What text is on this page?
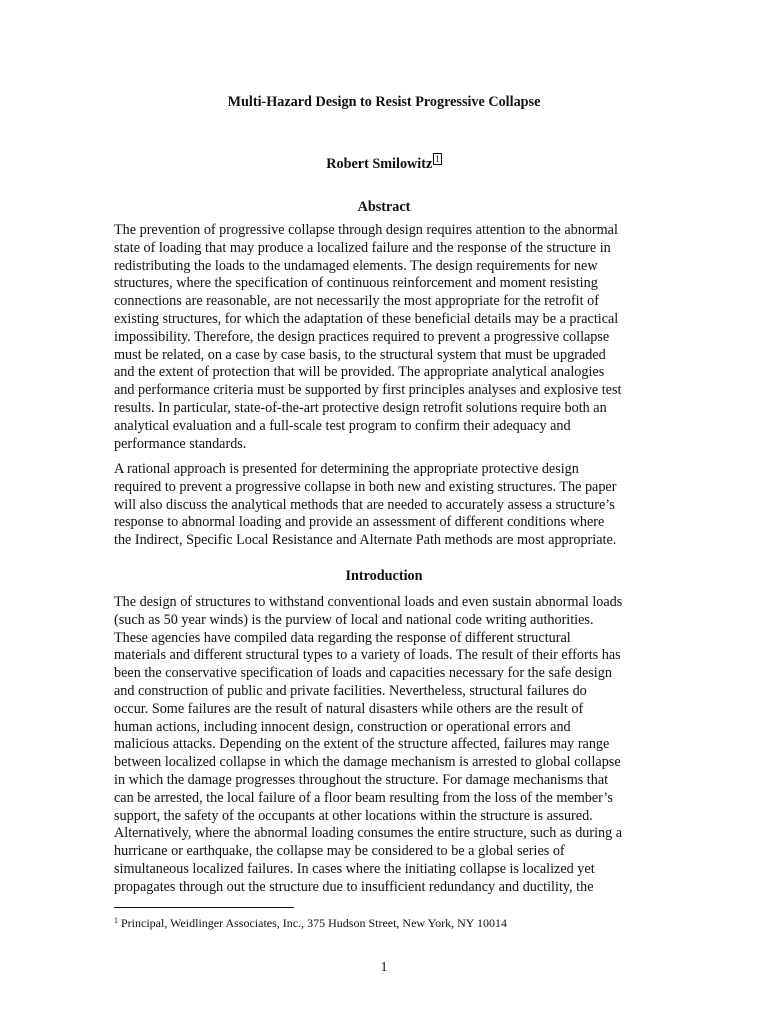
Multi-Hazard Design to Resist Progressive Collapse
Robert Smilowitz 1
Abstract
The prevention of progressive collapse through design requires attention to the abnormal
state of loading that may produce a localized failure and the response of the structure in
redistributing the loads to the undamaged elements. The design requirements for new
structures, where the specification of continuous reinforcement and moment resisting
connections are reasonable, are not necessarily the most appropriate for the retrofit of
existing structures, for which the adaptation of these beneficial details may be a practical
impossibility. Therefore, the design practices required to prevent a progressive collapse
must be related, on a case by case basis, to the structural system that must be upgraded
and the extent of protection that will be provided. The appropriate analytical analogies
and performance criteria must be supported by first principles analyses and explosive test
results. In particular, state-of-the-art protective design retrofit solutions require both an
analytical evaluation and a full-scale test program to confirm their adequacy and
performance standards.
A rational approach is presented for determining the appropriate protective design
required to prevent a progressive collapse in both new and existing structures. The paper
will also discuss the analytical methods that are needed to accurately assess a structure’s
response to abnormal loading and provide an assessment of different conditions where
the Indirect, Specific Local Resistance and Alternate Path methods are most appropriate.
Introduction
The design of structures to withstand conventional loads and even sustain abnormal loads
(such as 50 year winds) is the purview of local and national code writing authorities.
These agencies have compiled data regarding the response of different structural
materials and different structural types to a variety of loads. The result of their efforts has
been the conservative specification of loads and capacities necessary for the safe design
and construction of public and private facilities. Nevertheless, structural failures do
occur. Some failures are the result of natural disasters while others are the result of
human actions, including innocent design, construction or operational errors and
malicious attacks. Depending on the extent of the structure affected, failures may range
between localized collapse in which the damage mechanism is arrested to global collapse
in which the damage progresses throughout the structure. For damage mechanisms that
can be arrested, the local failure of a floor beam resulting from the loss of the member’s
support, the safety of the occupants at other locations within the structure is assured.
Alternatively, where the abnormal loading consumes the entire structure, such as during a
hurricane or earthquake, the collapse may be considered to be a global series of
simultaneous localized failures. In cases where the initiating collapse is localized yet
propagates through out the structure due to insufficient redundancy and ductility, the
$^1$ Principal, Weidlinger Associates, Inc., 375 Hudson Street, New York, NY 10014
1
